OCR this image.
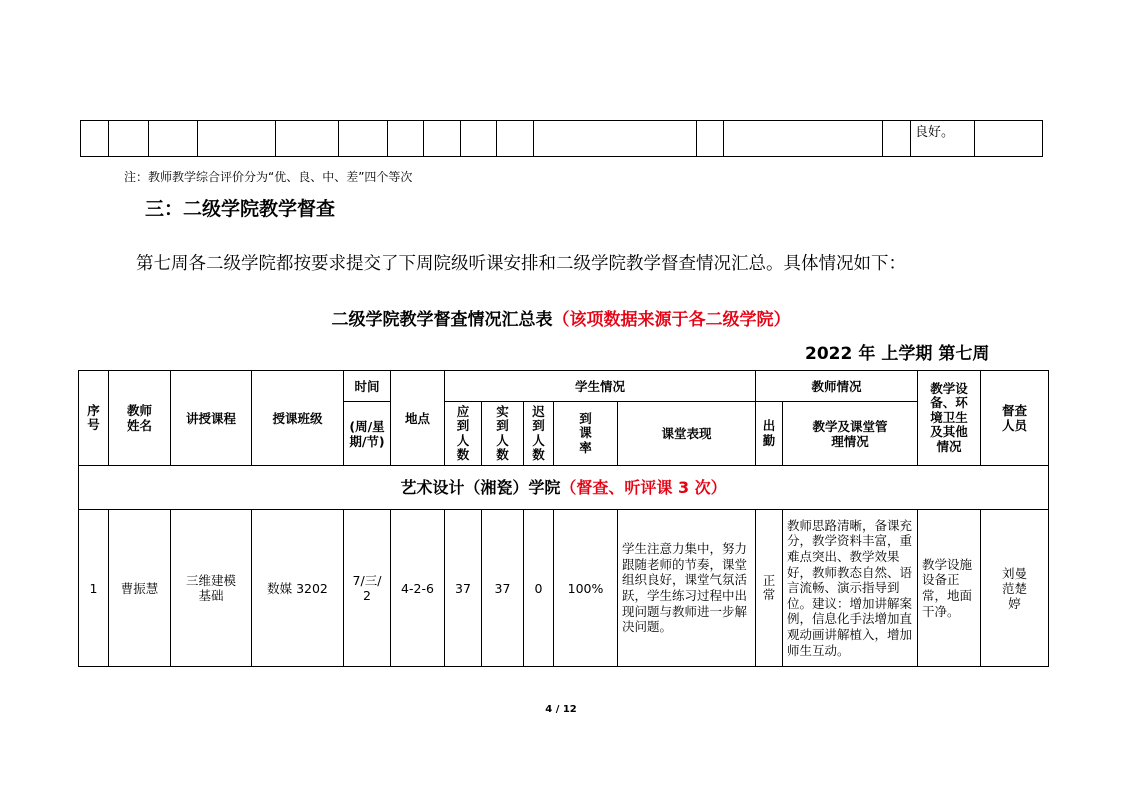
														良好。	
注：教师教学综合评价分为“优、良、中、差”四个等次
三：二级学院教学督查
第七周各二级学院都按要求提交了下周院级听课安排和二级学院教学督查情况汇总。具体情况如下：
二级学院教学督查情况汇总表（该项数据来源于各二级学院）
2022 年 上学期 第七周
序号	教师姓名	讲授课程	授课班级	时间	地点	学生情况					教师情况		教学设备、环境卫生及其他情况	督查人员
				(周/星期/节)		应到人数	实到人数	迟到人数	到课率	课堂表现	出勤	教学及课堂管理情况		
艺术设计（湘瓷）学院（督查、听评课 3 次）														
1	曹振慧	三维建模基础	数媒 3202	7/三/2	4-2-6	37	37	0	100%	学生注意力集中，努力跟随老师的节奏，课堂组织良好，课堂气氛活跃，学生练习过程中出现问题与教师进一步解决问题。	正常	教师思路清晰，备课充分，教学资料丰富，重难点突出、教学效果好，教师教态自然、语言流畅、演示指导到位。建议：增加讲解案例，信息化手法增加直观动画讲解植入，增加师生互动。	教学设施设备正常，地面干净。	刘曼范楚婷
4 / 12
